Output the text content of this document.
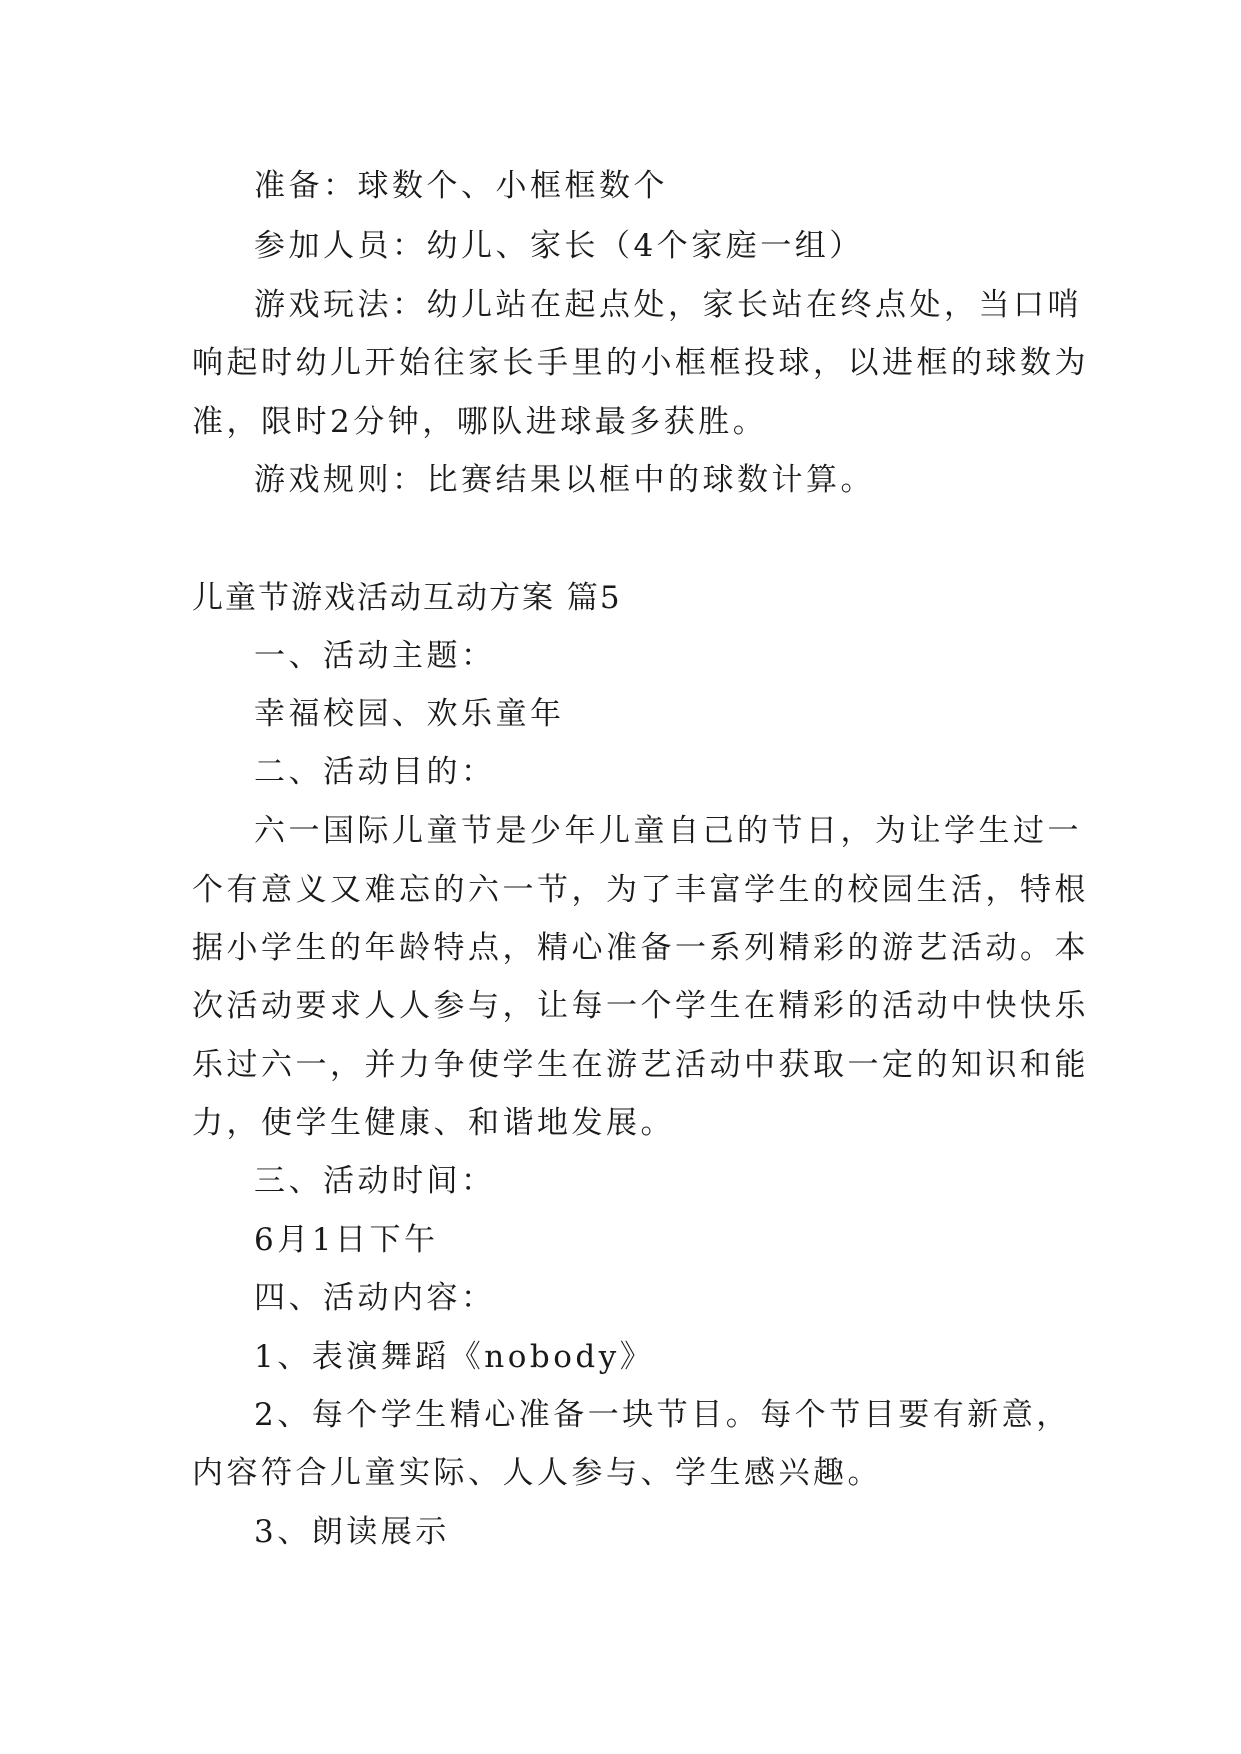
准备：球数个、小框框数个

参加人员：幼儿、家长（4个家庭一组）

游戏玩法：幼儿站在起点处，家长站在终点处，当口哨

响起时幼儿开始往家长手里的小框框投球，以进框的球数为

准，限时2分钟，哪队进球最多获胜。

游戏规则：比赛结果以框中的球数计算。

儿童节游戏活动互动方案 篇5

一、活动主题：

幸福校园、欢乐童年

二、活动目的：

六一国际儿童节是少年儿童自己的节日，为让学生过一

个有意义又难忘的六一节，为了丰富学生的校园生活，特根

据小学生的年龄特点，精心准备一系列精彩的游艺活动。本

次活动要求人人参与，让每一个学生在精彩的活动中快快乐

乐过六一，并力争使学生在游艺活动中获取一定的知识和能

力，使学生健康、和谐地发展。

三、活动时间：

6月1日下午

四、活动内容：

1、表演舞蹈《nobody》

2、每个学生精心准备一块节目。每个节目要有新意，

内容符合儿童实际、人人参与、学生感兴趣。

3、朗读展示
